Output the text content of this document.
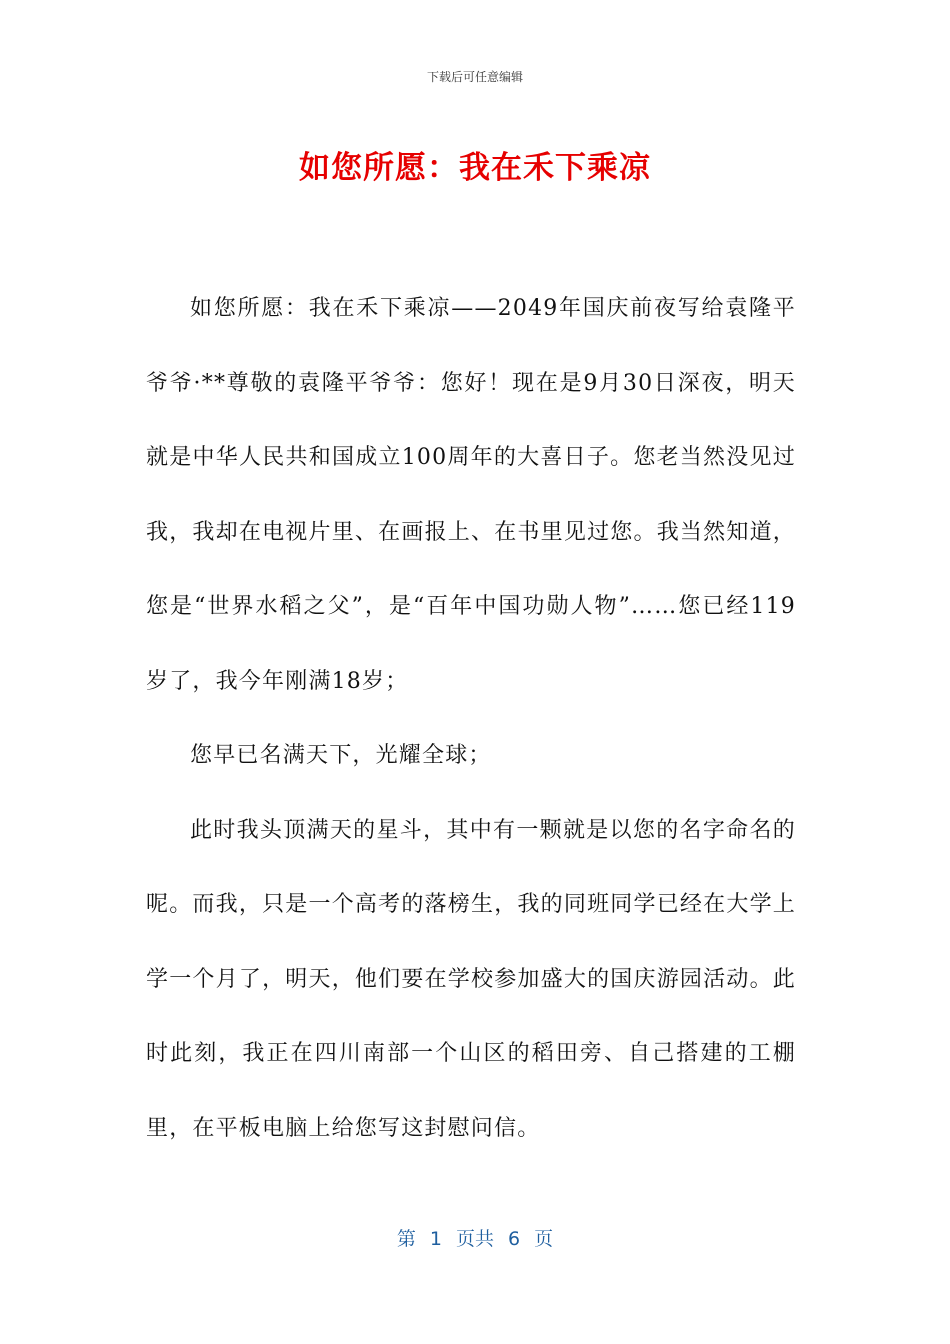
下载后可任意编辑
如您所愿：我在禾下乘凉

如您所愿：我在禾下乘凉——2049年国庆前夜写给袁隆平爷爷·**尊敬的袁隆平爷爷：您好！现在是9月30日深夜，明天就是中华人民共和国成立100周年的大喜日子。您老当然没见过我，我却在电视片里、在画报上、在书里见过您。我当然知道，您是“世界水稻之父”，是“百年中国功勋人物”……您已经119岁了，我今年刚满18岁；

您早已名满天下，光耀全球；

此时我头顶满天的星斗，其中有一颗就是以您的名字命名的呢。而我，只是一个高考的落榜生，我的同班同学已经在大学上学一个月了，明天，他们要在学校参加盛大的国庆游园活动。此时此刻，我正在四川南部一个山区的稻田旁、自己搭建的工棚里，在平板电脑上给您写这封慰问信。

第 1 页共 6 页
